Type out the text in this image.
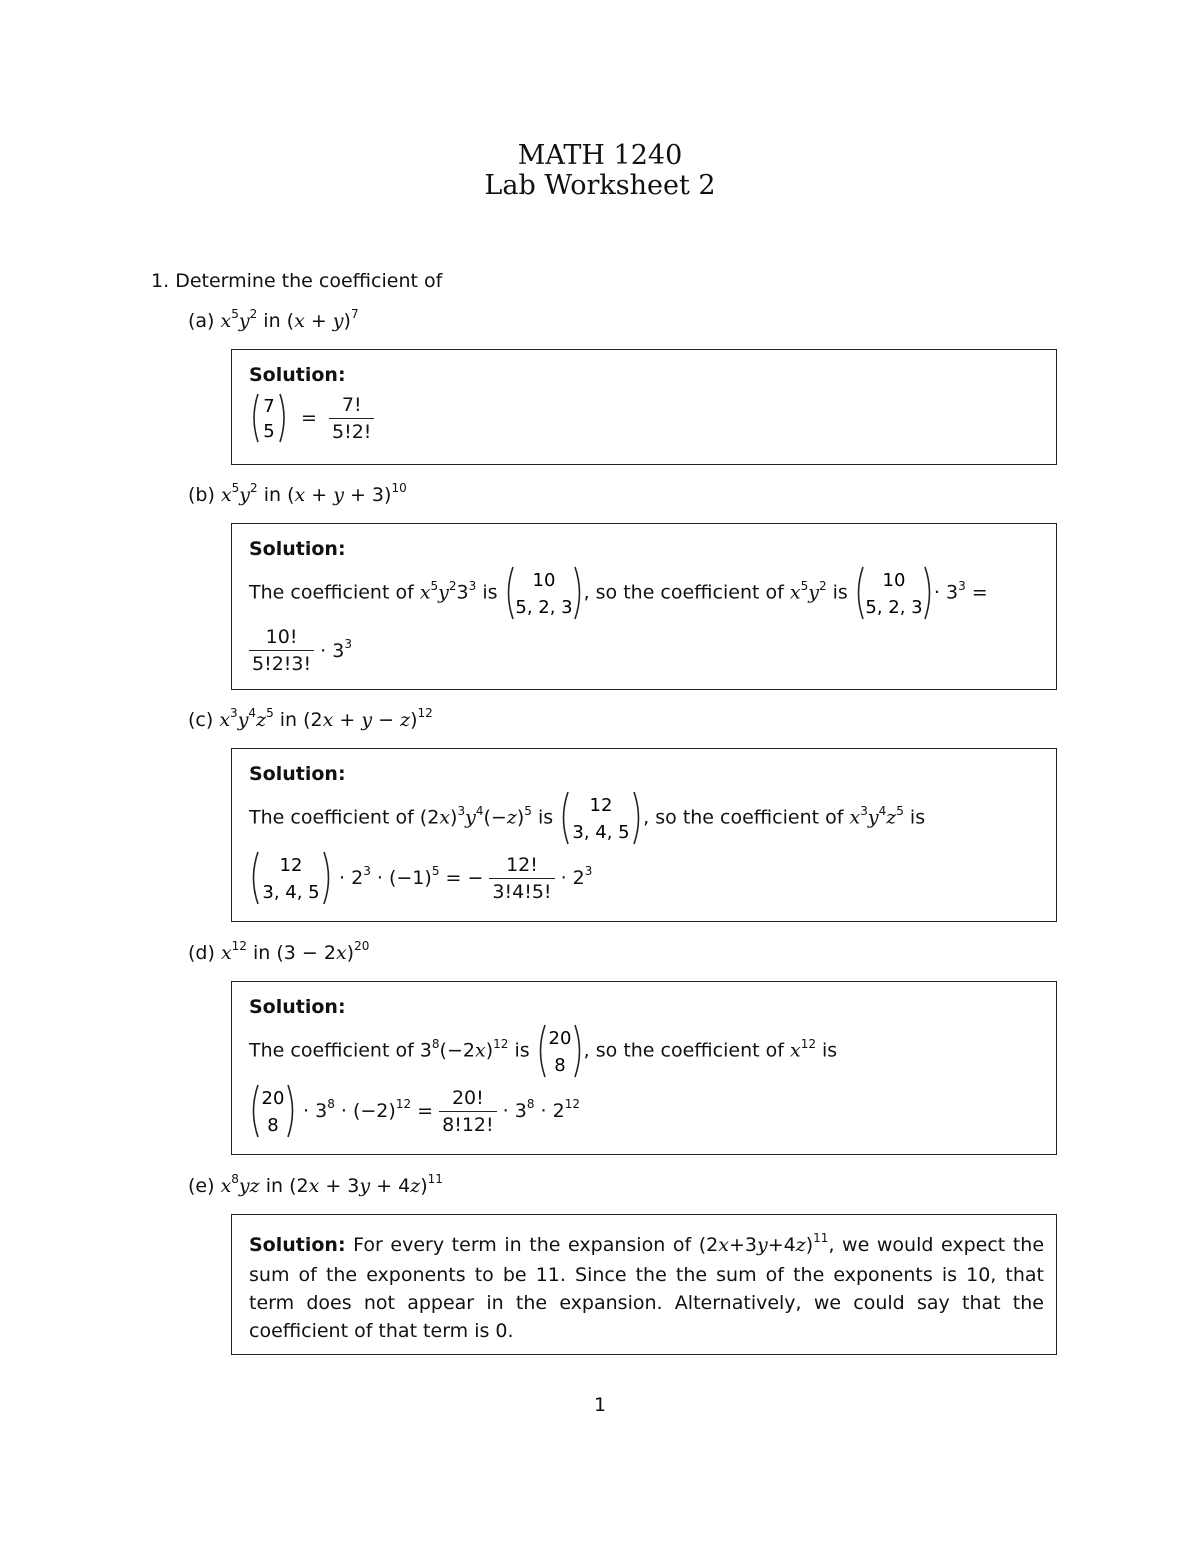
MATH 1240
Lab Worksheet 2
1. Determine the coefficient of
(a) $x^5y^2$ in $(x + y)^7$
Solution:
7
5
= $\frac{7!}{5!2!}$
(b) $x^5y^2$ in $(x + y + 3)^{10}$
Solution:
The coefficient of $x^5y^23^3$ is
10
5, 2, 3
, so the coefficient of $x^5y^2$ is
10
5, 2, 3
· $3^3$ =
$\frac{10!}{5!2!3!} \cdot 3^3$
(c) $x^3y^4z^5$ in $(2x + y - z)^{12}$
Solution:
The coefficient of $(2x)^3y^4(-z)^5$ is
12
3, 4, 5
, so the coefficient of $x^3y^4z^5$ is
12
3, 4, 5
· $2^3 \cdot (-1)^5$ = − $\frac{12!}{3!4!5!} \cdot 2^3$
(d) $x^{12}$ in $(3 - 2x)^{20}$
Solution:
The coefficient of $3^8(-2x)^{12}$ is
20
8
, so the coefficient of $x^{12}$ is
20
8
· $3^8 \cdot (-2)^{12} = \frac{20!}{8!12!} \cdot 3^8 \cdot 2^{12}$
(e) $x^8yz$ in $(2x + 3y + 4z)^{11}$
Solution: For every term in the expansion of $(2x+3y+4z)^{11}$, we would expect the sum of the exponents to be 11. Since the the sum of the exponents is 10, that term does not appear in the expansion. Alternatively, we could say that the coefficient of that term is 0.
1
